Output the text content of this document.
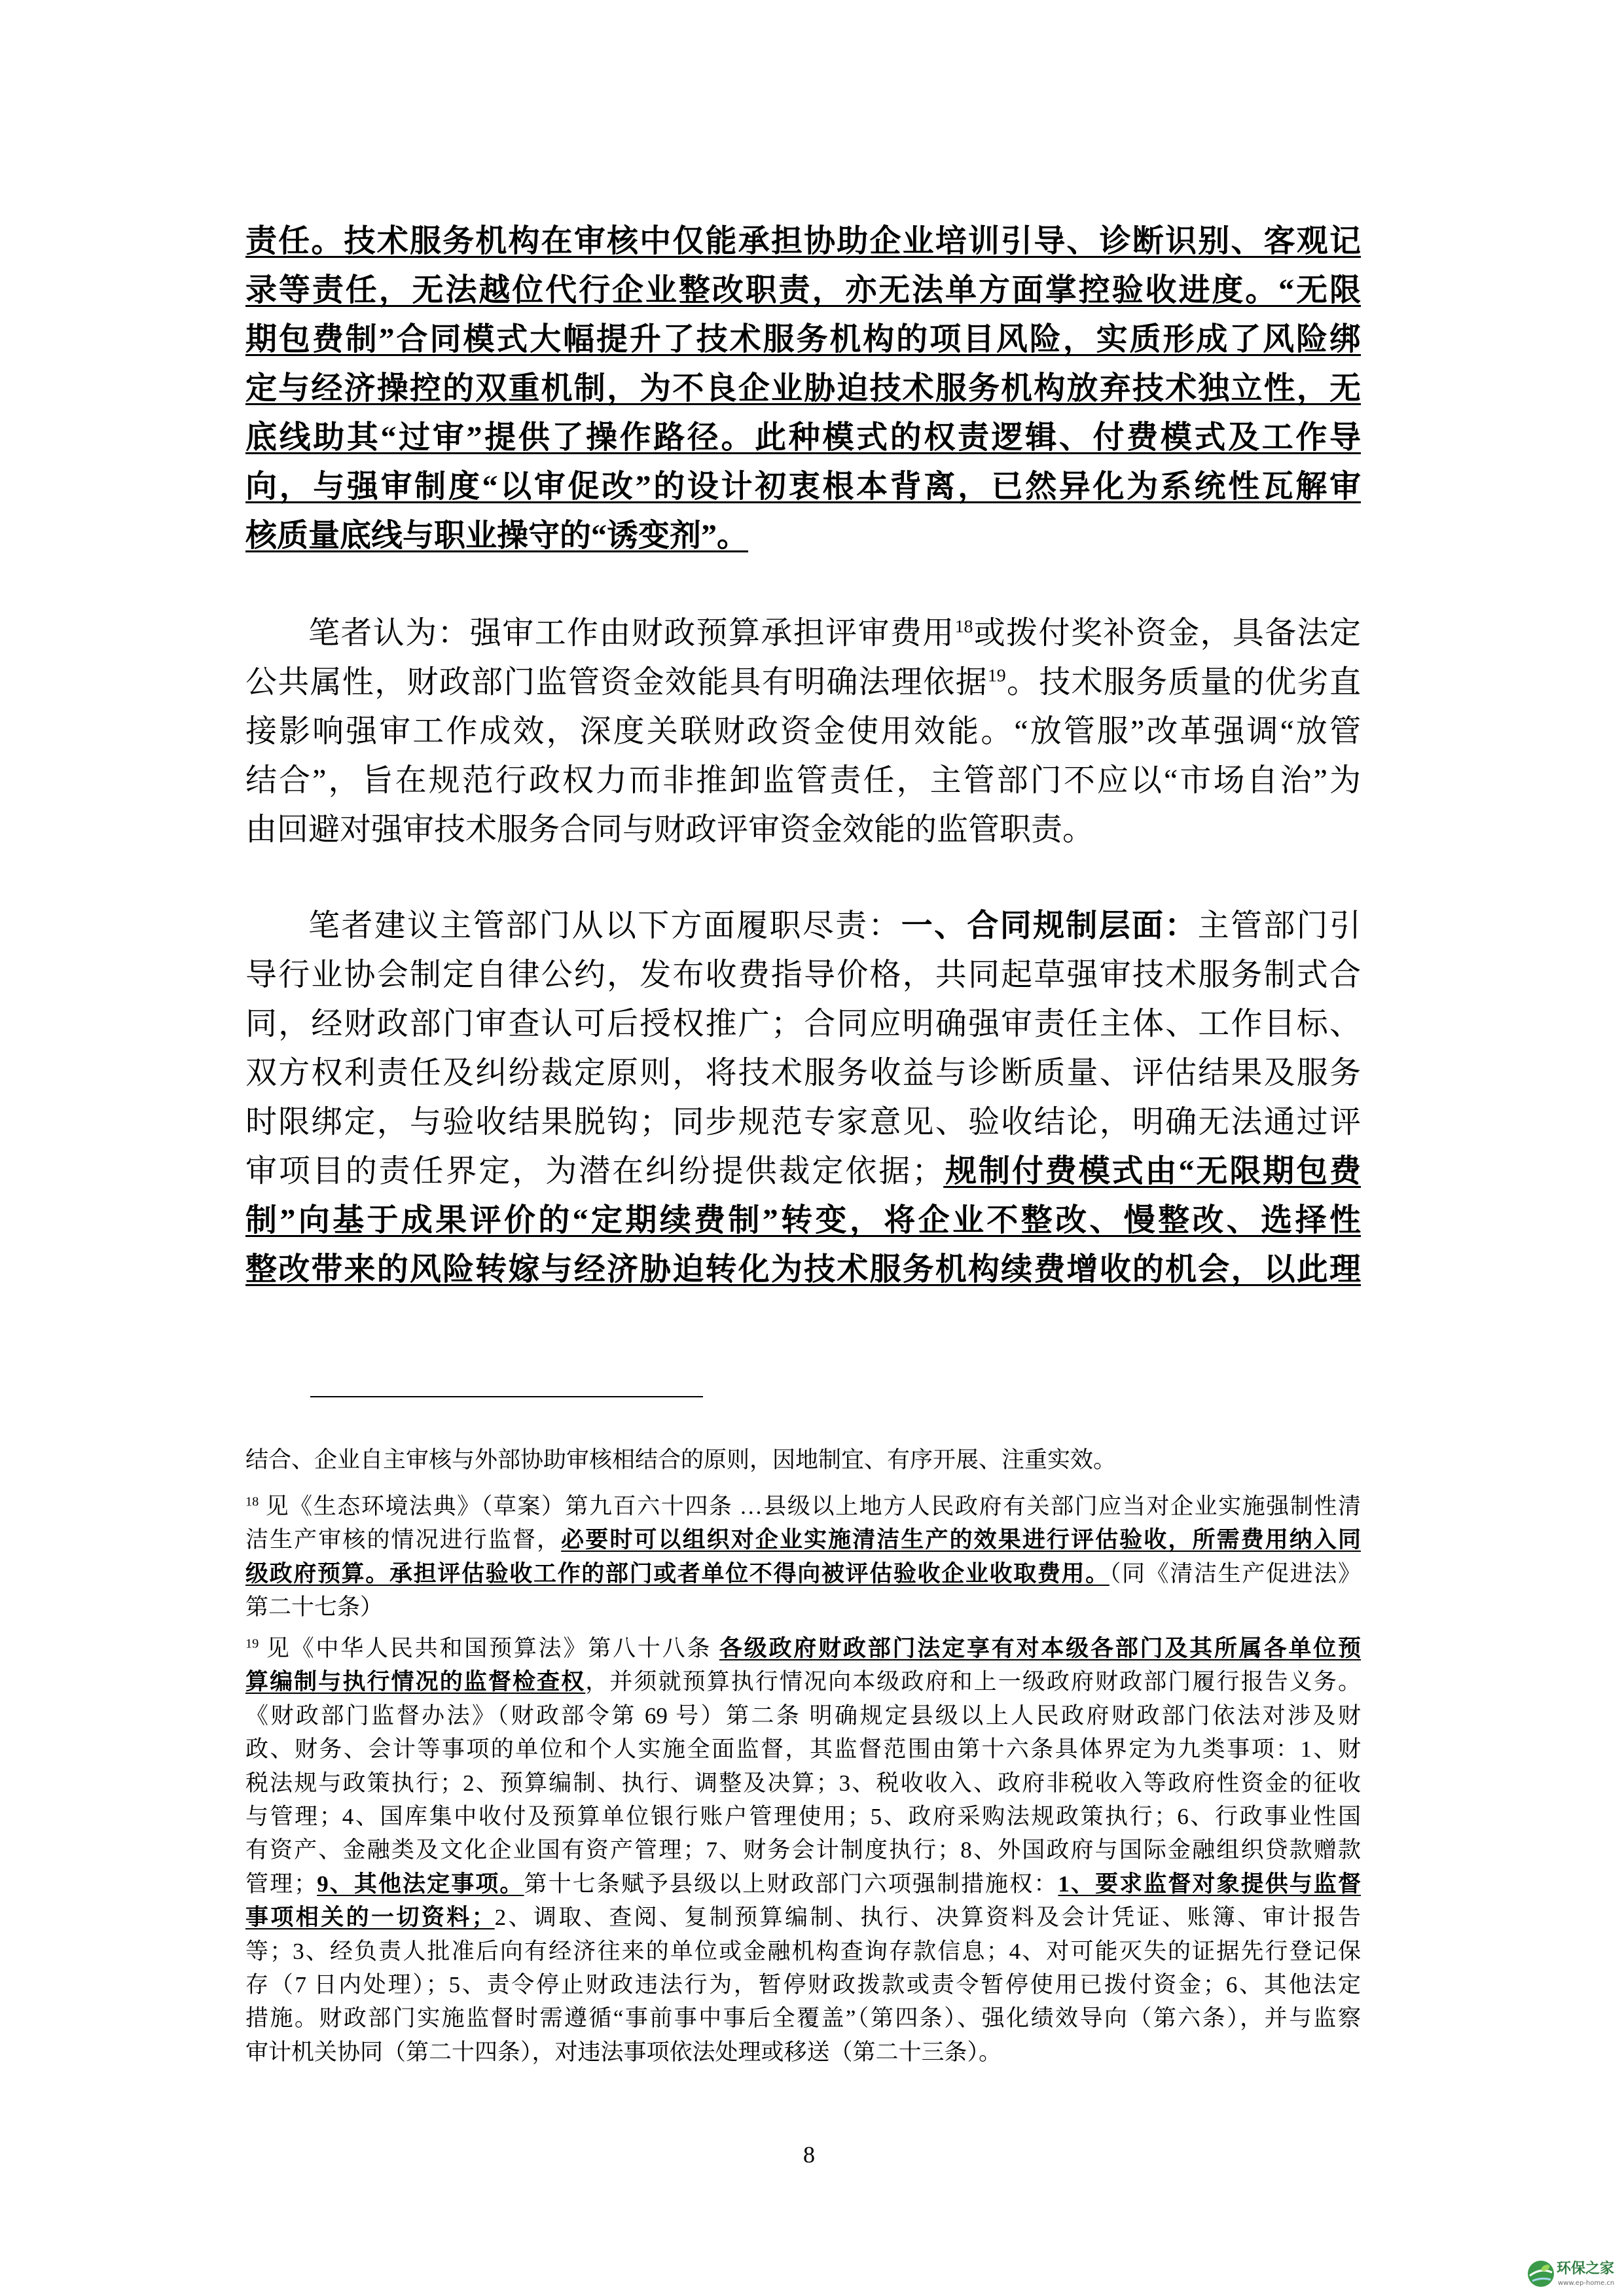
责任。技术服务机构在审核中仅能承担协助企业培训引导、诊断识别、客观记
录等责任，无法越位代行企业整改职责，亦无法单方面掌控验收进度。“无限
期包费制”合同模式大幅提升了技术服务机构的项目风险，实质形成了风险绑
定与经济操控的双重机制，为不良企业胁迫技术服务机构放弃技术独立性，无
底线助其“过审”提供了操作路径。此种模式的权责逻辑、付费模式及工作导
向，与强审制度“以审促改”的设计初衷根本背离，已然异化为系统性瓦解审
核质量底线与职业操守的“诱变剂”。
笔者认为：强审工作由财政预算承担评审费用$^{18}$或拨付奖补资金，具备法定
公共属性，财政部门监管资金效能具有明确法理依据$^{19}$。技术服务质量的优劣直
接影响强审工作成效，深度关联财政资金使用效能。“放管服”改革强调“放管
结合”，旨在规范行政权力而非推卸监管责任，主管部门不应以“市场自治”为
由回避对强审技术服务合同与财政评审资金效能的监管职责。
笔者建议主管部门从以下方面履职尽责：一、合同规制层面：主管部门引
导行业协会制定自律公约，发布收费指导价格，共同起草强审技术服务制式合
同，经财政部门审查认可后授权推广；合同应明确强审责任主体、工作目标、
双方权利责任及纠纷裁定原则，将技术服务收益与诊断质量、评估结果及服务
时限绑定，与验收结果脱钩；同步规范专家意见、验收结论，明确无法通过评
审项目的责任界定，为潜在纠纷提供裁定依据；规制付费模式由“无限期包费
制”向基于成果评价的“定期续费制”转变，将企业不整改、慢整改、选择性
整改带来的风险转嫁与经济胁迫转化为技术服务机构续费增收的机会，以此理
结合、企业自主审核与外部协助审核相结合的原则，因地制宜、有序开展、注重实效。
$^{18}$ 见《生态环境法典》（草案）第九百六十四条 …县级以上地方人民政府有关部门应当对企业实施强制性清
洁生产审核的情况进行监督，必要时可以组织对企业实施清洁生产的效果进行评估验收，所需费用纳入同
级政府预算。承担评估验收工作的部门或者单位不得向被评估验收企业收取费用。（同《清洁生产促进法》
第二十七条）
$^{19}$ 见《中华人民共和国预算法》第八十八条 各级政府财政部门法定享有对本级各部门及其所属各单位预
算编制与执行情况的监督检查权，并须就预算执行情况向本级政府和上一级政府财政部门履行报告义务。
《财政部门监督办法》（财政部令第 69 号）第二条 明确规定县级以上人民政府财政部门依法对涉及财
政、财务、会计等事项的单位和个人实施全面监督，其监督范围由第十六条具体界定为九类事项：1、财
税法规与政策执行；2、预算编制、执行、调整及决算；3、税收收入、政府非税收入等政府性资金的征收
与管理；4、国库集中收付及预算单位银行账户管理使用；5、政府采购法规政策执行；6、行政事业性国
有资产、金融类及文化企业国有资产管理；7、财务会计制度执行；8、外国政府与国际金融组织贷款赠款
管理；9、其他法定事项。第十七条赋予县级以上财政部门六项强制措施权：1、要求监督对象提供与监督
事项相关的一切资料；2、调取、查阅、复制预算编制、执行、决算资料及会计凭证、账簿、审计报告
等；3、经负责人批准后向有经济往来的单位或金融机构查询存款信息；4、对可能灭失的证据先行登记保
存（7 日内处理）；5、责令停止财政违法行为，暂停财政拨款或责令暂停使用已拨付资金；6、其他法定
措施。财政部门实施监督时需遵循“事前事中事后全覆盖”（第四条）、强化绩效导向（第六条），并与监察
审计机关协同（第二十四条），对违法事项依法处理或移送（第二十三条）。
8
环保之家
www.ep-home.cn
